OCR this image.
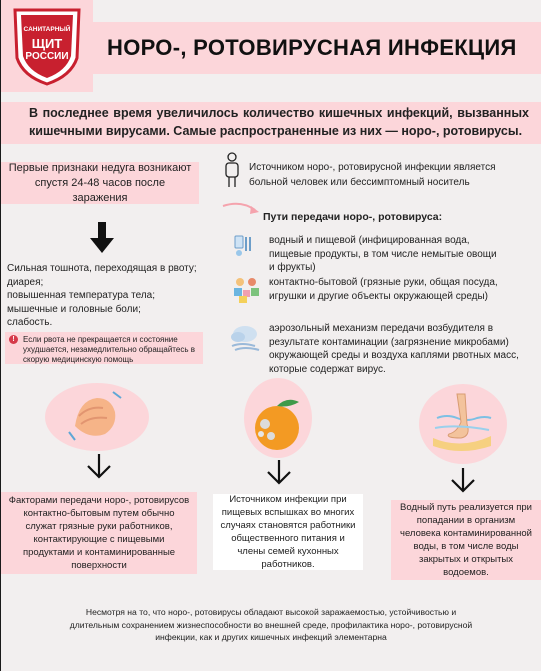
САНИТАРНЫЙ
ЩИТ
РОССИИ	НОРО-, РОТОВИРУСНАЯ ИНФЕКЦИЯ
В последнее время увеличилось количество кишечных инфекций, вызванных кишечными вирусами. Самые распространенные из них — норо-, ротовирусы.
Первые признаки недуга возникают спустя 24-48 часов после заражения
Сильная тошнота, переходящая в рвоту;
диарея;
повышенная температура тела;
мышечные и головные боли;
слабость.
Если рвота не прекращается и состояние ухудшается, незамедлительно обращайтесь в скорую медицинскую помощь
!
Источником норо-, ротовирусной инфекции является больной человек или бессимптомный носитель
Пути передачи норо-, ротовируса:
водный и пищевой (инфицированная вода, пищевые продукты, в том числе немытые овощи и фрукты)
контактно-бытовой (грязные руки, общая посуда, игрушки и другие объекты окружающей среды)
аэрозольный механизм передачи возбудителя в результате контаминации (загрязнение микробами) окружающей среды и воздуха каплями рвотных масс, которые содержат вирус.
Факторами передачи норо-, ротовирусов контактно-бытовым путем обычно служат грязные руки работников, контактирующие с пищевыми продуктами и контаминированные поверхности
Источником инфекции при пищевых вспышках во многих случаях становятся работники общественного питания и члены семей кухонных работников.
Водный путь реализуется при попадании в организм человека контаминированной воды, в том числе воды закрытых и открытых водоемов.
Несмотря на то, что норо-, ротовирусы обладают высокой заражаемостью, устойчивостью и длительным сохранением жизнеспособности во внешней среде, профилактика норо-, ротовирусной инфекции, как и других кишечных инфекций элементарна
